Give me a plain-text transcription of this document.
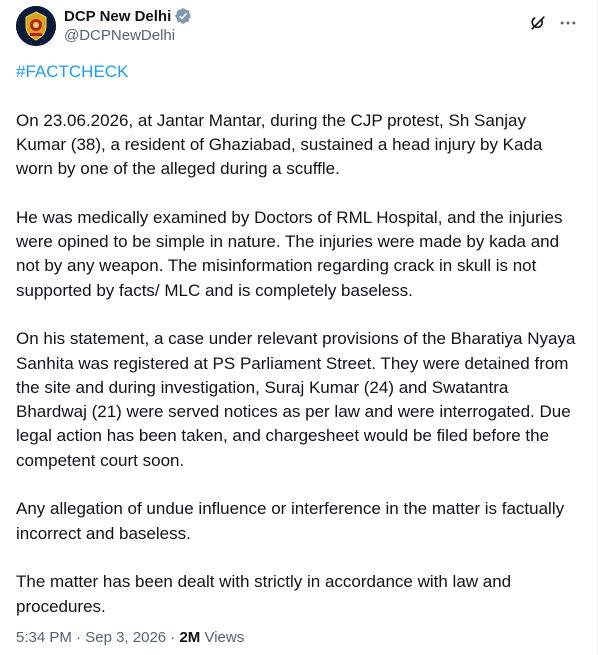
DCP New Delhi
@DCPNewDelhi
#FACTCHECK

On 23.06.2026, at Jantar Mantar, during the CJP protest, Sh Sanjay Kumar (38), a resident of Ghaziabad, sustained a head injury by Kada worn by one of the alleged during a scuffle.

He was medically examined by Doctors of RML Hospital, and the injuries were opined to be simple in nature. The injuries were made by kada and not by any weapon. The misinformation regarding crack in skull is not supported by facts/ MLC and is completely baseless.

On his statement, a case under relevant provisions of the Bharatiya Nyaya Sanhita was registered at PS Parliament Street. They were detained from the site and during investigation, Suraj Kumar (24) and Swatantra Bhardwaj (21) were served notices as per law and were interrogated. Due legal action has been taken, and chargesheet would be filed before the competent court soon.

Any allegation of undue influence or interference in the matter is factually incorrect and baseless.

The matter has been dealt with strictly in accordance with law and procedures.

5:34 PM · Sep 3, 2026 · 2M Views
